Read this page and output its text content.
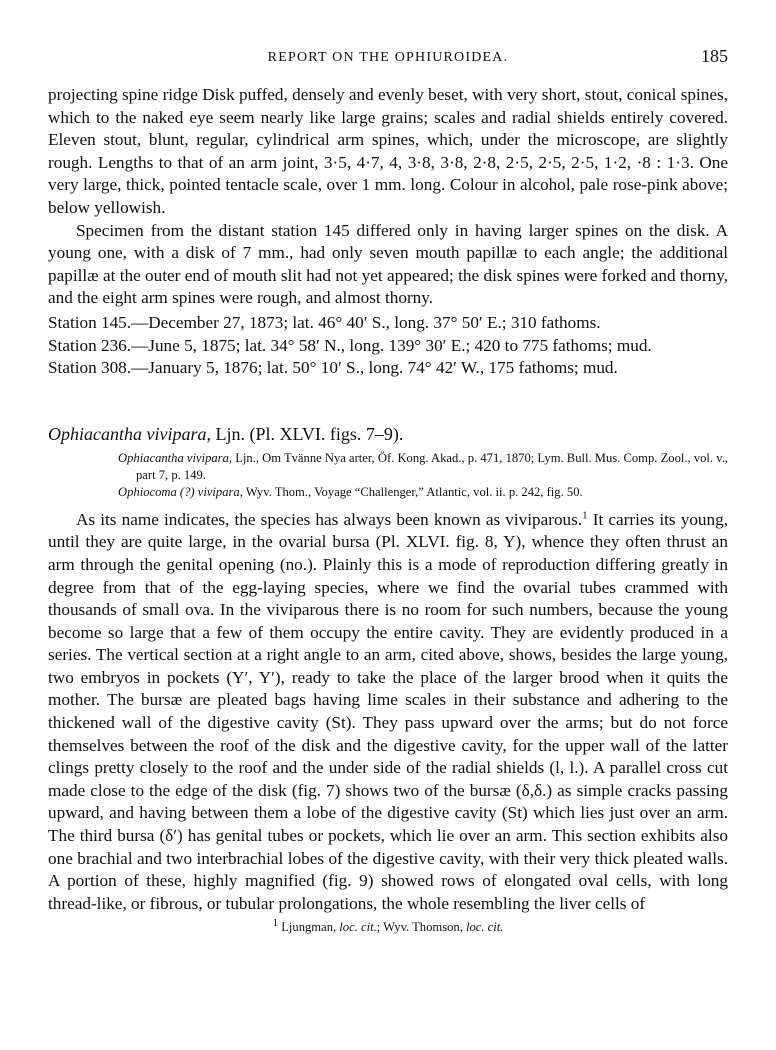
REPORT ON THE OPHIUROIDEA.	185

projecting spine ridge Disk puffed, densely and evenly beset, with very short, stout, conical spines, which to the naked eye seem nearly like large grains; scales and radial shields entirely covered. Eleven stout, blunt, regular, cylindrical arm spines, which, under the microscope, are slightly rough. Lengths to that of an arm joint, 3·5, 4·7, 4, 3·8, 3·8, 2·8, 2·5, 2·5, 2·5, 1·2, ·8 : 1·3. One very large, thick, pointed tentacle scale, over 1 mm. long. Colour in alcohol, pale rose-pink above; below yellowish.

Specimen from the distant station 145 differed only in having larger spines on the disk. A young one, with a disk of 7 mm., had only seven mouth papillæ to each angle; the additional papillæ at the outer end of mouth slit had not yet appeared; the disk spines were forked and thorny, and the eight arm spines were rough, and almost thorny.

Station 145.—December 27, 1873; lat. 46° 40′ S., long. 37° 50′ E.; 310 fathoms.

Station 236.—June 5, 1875; lat. 34° 58′ N., long. 139° 30′ E.; 420 to 775 fathoms; mud.

Station 308.—January 5, 1876; lat. 50° 10′ S., long. 74° 42′ W., 175 fathoms; mud.

Ophiacantha vivipara, Ljn. (Pl. XLVI. figs. 7–9).

Ophiacantha vivipara, Ljn., Om Tvänne Nya arter, Öf. Kong. Akad., p. 471, 1870; Lym. Bull. Mus. Comp. Zool., vol. v., part 7, p. 149.

Ophiocoma (?) vivipara, Wyv. Thom., Voyage “Challenger,” Atlantic, vol. ii. p. 242, fig. 50.

As its name indicates, the species has always been known as viviparous.$^1$ It carries its young, until they are quite large, in the ovarial bursa (Pl. XLVI. fig. 8, Y), whence they often thrust an arm through the genital opening (no.). Plainly this is a mode of reproduction differing greatly in degree from that of the egg-laying species, where we find the ovarial tubes crammed with thousands of small ova. In the viviparous there is no room for such numbers, because the young become so large that a few of them occupy the entire cavity. They are evidently produced in a series. The vertical section at a right angle to an arm, cited above, shows, besides the large young, two embryos in pockets (Y′, Y′), ready to take the place of the larger brood when it quits the mother. The bursæ are pleated bags having lime scales in their substance and adhering to the thickened wall of the digestive cavity (St). They pass upward over the arms; but do not force themselves between the roof of the disk and the digestive cavity, for the upper wall of the latter clings pretty closely to the roof and the under side of the radial shields (l, l.). A parallel cross cut made close to the edge of the disk (fig. 7) shows two of the bursæ (δ,δ.) as simple cracks passing upward, and having between them a lobe of the digestive cavity (St) which lies just over an arm. The third bursa (δ′) has genital tubes or pockets, which lie over an arm. This section exhibits also one brachial and two interbrachial lobes of the digestive cavity, with their very thick pleated walls. A portion of these, highly magnified (fig. 9) showed rows of elongated oval cells, with long thread-like, or fibrous, or tubular prolongations, the whole resembling the liver cells of

$^1$ Ljungman, loc. cit.; Wyv. Thomson, loc. cit.
